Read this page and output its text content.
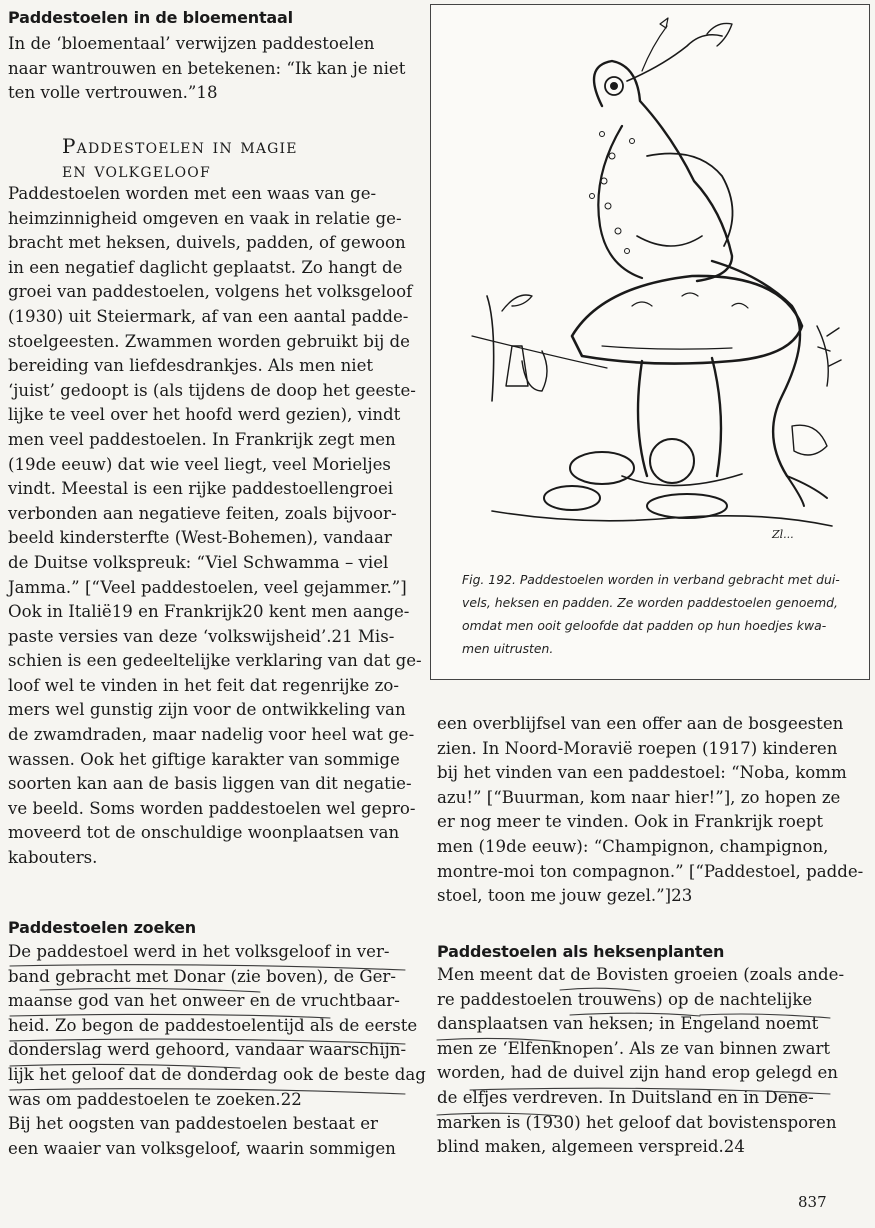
Paddestoelen in de bloementaal
In de ‘bloementaal’ verwijzen paddestoelen
naar wantrouwen en betekenen: “Ik kan je niet
ten volle vertrouwen.”18
Paddestoelen in magie
en volkgeloof
Paddestoelen worden met een waas van ge-
heimzinnigheid omgeven en vaak in relatie ge-
bracht met heksen, duivels, padden, of gewoon
in een negatief daglicht geplaatst. Zo hangt de
groei van paddestoelen, volgens het volksgeloof
(1930) uit Steiermark, af van een aantal padde-
stoelgeesten. Zwammen worden gebruikt bij de
bereiding van liefdesdrankjes. Als men niet
‘juist’ gedoopt is (als tijdens de doop het geeste-
lijke te veel over het hoofd werd gezien), vindt
men veel paddestoelen. In Frankrijk zegt men
(19de eeuw) dat wie veel liegt, veel Morieljes
vindt. Meestal is een rijke paddestoellengroei
verbonden aan negatieve feiten, zoals bijvoor-
beeld kindersterfte (West-Bohemen), vandaar
de Duitse volkspreuk: “Viel Schwamma – viel
Jamma.” [“Veel paddestoelen, veel gejammer.”]
Ook in Italië19 en Frankrijk20 kent men aange-
paste versies van deze ‘volkswijsheid’.21 Mis-
schien is een gedeeltelijke verklaring van dat ge-
loof wel te vinden in het feit dat regenrijke zo-
mers wel gunstig zijn voor de ontwikkeling van
de zwamdraden, maar nadelig voor heel wat ge-
wassen. Ook het giftige karakter van sommige
soorten kan aan de basis liggen van dit negatie-
ve beeld. Soms worden paddestoelen wel gepro-
moveerd tot de onschuldige woonplaatsen van
kabouters.
Paddestoelen zoeken
De paddestoel werd in het volksgeloof in ver-
band gebracht met Donar (zie boven), de Ger-
maanse god van het onweer en de vruchtbaar-
heid. Zo begon de paddestoelentijd als de eerste
donderslag werd gehoord, vandaar waarschijn-
lijk het geloof dat de donderdag ook de beste dag
was om paddestoelen te zoeken.22
Bij het oogsten van paddestoelen bestaat er
een waaier van volksgeloof, waarin sommigen
Zl...
Fig. 192. Paddestoelen worden in verband gebracht met dui-
vels, heksen en padden. Ze worden paddestoelen genoemd,
omdat men ooit geloofde dat padden op hun hoedjes kwa-
men uitrusten.
een overblijfsel van een offer aan de bosgeesten
zien. In Noord-Moravië roepen (1917) kinderen
bij het vinden van een paddestoel: “Noba, komm
azu!” [“Buurman, kom naar hier!”], zo hopen ze
er nog meer te vinden. Ook in Frankrijk roept
men (19de eeuw): “Champignon, champignon,
montre-moi ton compagnon.” [“Paddestoel, padde-
stoel, toon me jouw gezel.”]23
Paddestoelen als heksenplanten
Men meent dat de Bovisten groeien (zoals ande-
re paddestoelen trouwens) op de nachtelijke
dansplaatsen van heksen; in Engeland noemt
men ze ‘Elfenknopen’. Als ze van binnen zwart
worden, had de duivel zijn hand erop gelegd en
de elfjes verdreven. In Duitsland en in Dene-
marken is (1930) het geloof dat bovistensporen
blind maken, algemeen verspreid.24
837
